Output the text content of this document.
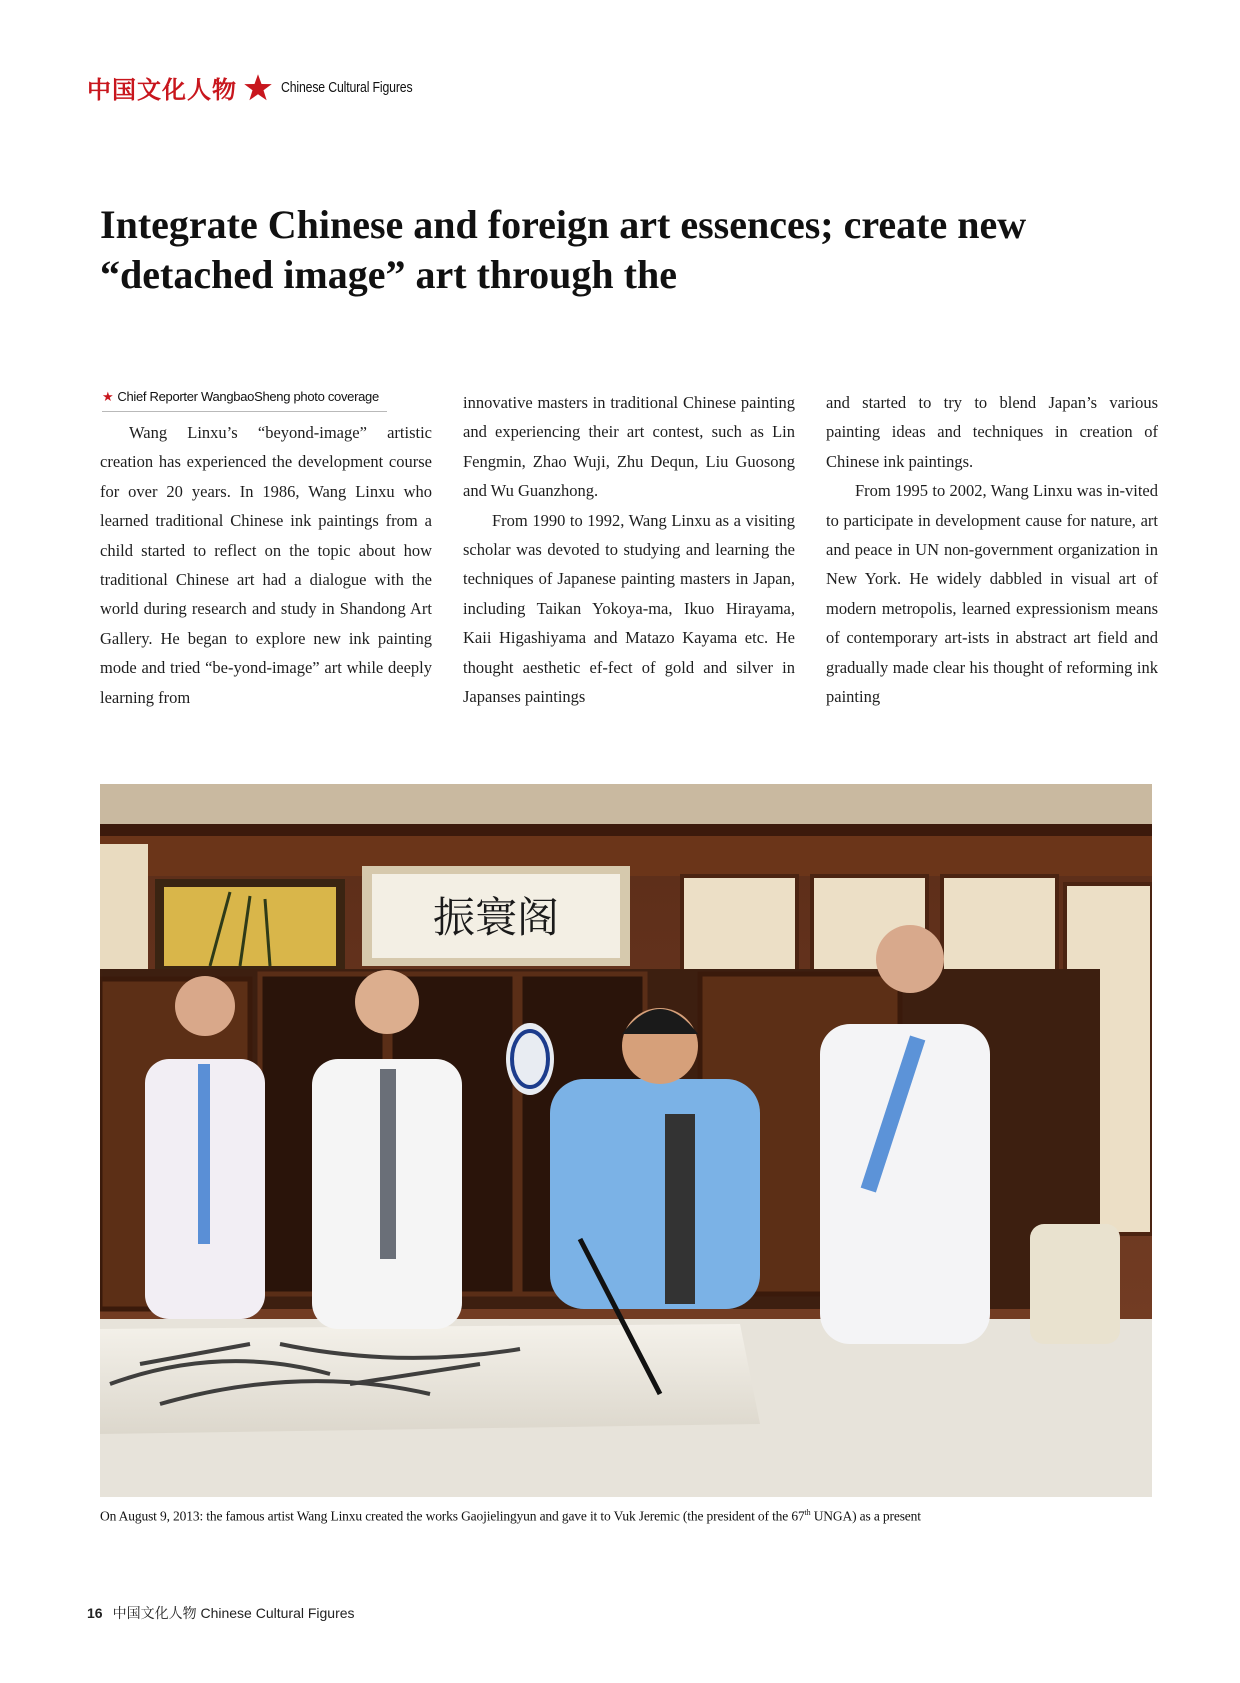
中国文化人物	Chinese Cultural Figures
Integrate Chinese and foreign art essences; create new “detached image” art through the
★ Chief Reporter WangbaoSheng photo coverage

Wang Linxu’s “beyond-image” artistic creation has experienced the development course for over 20 years. In 1986, Wang Linxu who learned traditional Chinese ink paintings from a child started to reflect on the topic about how traditional Chinese art had a dialogue with the world during research and study in Shandong Art Gallery. He began to explore new ink painting mode and tried “be-yond-image” art while deeply learning from

innovative masters in traditional Chinese painting and experiencing their art contest, such as Lin Fengmin, Zhao Wuji, Zhu Dequn, Liu Guosong and Wu Guanzhong.

From 1990 to 1992, Wang Linxu as a visiting scholar was devoted to studying and learning the techniques of Japanese painting masters in Japan, including Taikan Yokoya-ma, Ikuo Hirayama, Kaii Higashiyama and Matazo Kayama etc. He thought aesthetic ef-fect of gold and silver in Japanses paintings

and started to try to blend Japan’s various painting ideas and techniques in creation of Chinese ink paintings.

From 1995 to 2002, Wang Linxu was in-vited to participate in development cause for nature, art and peace in UN non-government organization in New York. He widely dabbled in visual art of modern metropolis, learned expressionism means of contemporary art-ists in abstract art field and gradually made clear his thought of reforming ink painting

振寰阁
On August 9, 2013: the famous artist Wang Linxu created the works Gaojielingyun and gave it to Vuk Jeremic (the president of the 67th UNGA) as a present
16 中国文化人物
Chinese Cultural Figures
